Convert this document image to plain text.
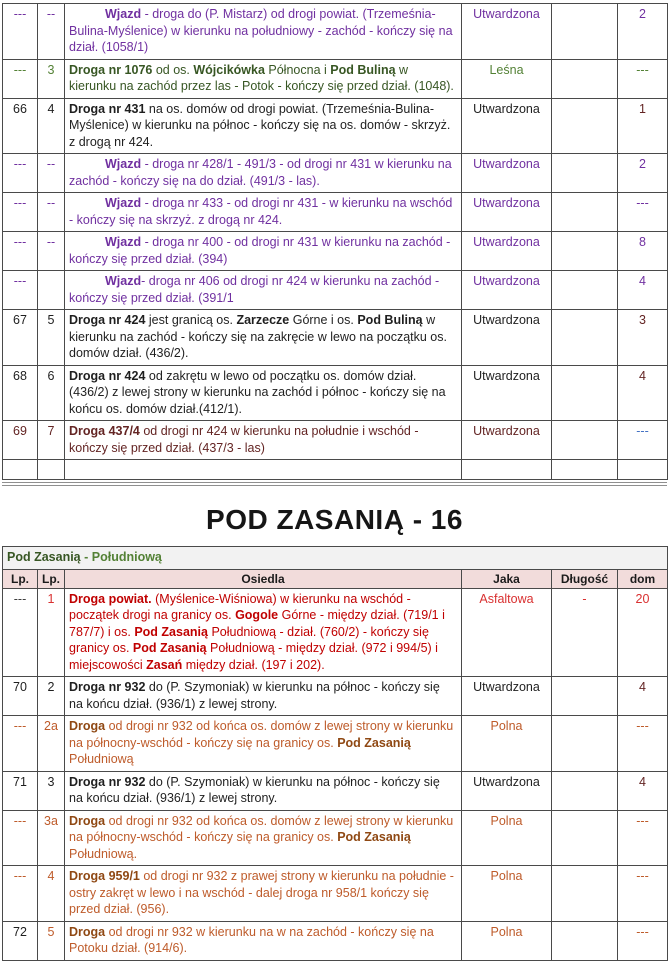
---	--	Wjazd - droga do (P. Mistarz) od drogi powiat. (Trzemeśnia-Bulina-Myślenice) w kierunku na południowy - zachód - kończy się na dział. (1058/1)	Utwardzona		2
---	3	Droga nr 1076 od os. Wójcikówka Północna i Pod Buliną w kierunku na zachód przez las - Potok - kończy się przed dział. (1048).	Leśna		---
66	4	Droga nr 431 na os. domów od drogi powiat. (Trzemeśnia-Bulina-Myślenice) w kierunku na północ - kończy się na os. domów - skrzyż. z drogą nr 424.	Utwardzona		1
---	--	Wjazd - droga nr 428/1 - 491/3 - od drogi nr 431 w kierunku na zachód - kończy się na do dział. (491/3 - las).	Utwardzona		2
---	--	Wjazd - droga nr 433 - od drogi nr 431 - w kierunku na wschód - kończy się na skrzyż. z drogą nr 424.	Utwardzona		---
---	--	Wjazd - droga nr 400 - od drogi nr 431 w kierunku na zachód - kończy się przed dział. (394)	Utwardzona		8
---		Wjazd- droga nr 406 od drogi nr 424 w kierunku na zachód - kończy się przed dział. (391/1	Utwardzona		4
67	5	Droga nr 424 jest granicą os. Zarzecze Górne i os. Pod Buliną w kierunku na zachód - kończy się na zakręcie w lewo na początku os. domów dział. (436/2).	Utwardzona		3
68	6	Droga nr 424 od zakrętu w lewo od początku os. domów dział. (436/2) z lewej strony w kierunku na zachód i północ - kończy się na końcu os. domów dział.(412/1).	Utwardzona		4
69	7	Droga 437/4 od drogi nr 424 w kierunku na południe i wschód - kończy się przed dział. (437/3 - las)	Utwardzona		---

POD ZASANIĄ - 16
Pod Zasanią - Południową					
Lp.	Lp.	Osiedla	Jaka	Długość	dom
---	1	Droga powiat. (Myślenice-Wiśniowa) w kierunku na wschód - początek drogi na granicy os. Gogole Górne - między dział. (719/1 i 787/7) i os. Pod Zasanią Południową - dział. (760/2) - kończy się granicy os. Pod Zasanią Południową - między dział. (972 i 994/5) i miejscowości Zasań między dział. (197 i 202).	Asfaltowa	-	20
70	2	Droga nr 932 do (P. Szymoniak) w kierunku na północ - kończy się na końcu dział. (936/1) z lewej strony.	Utwardzona		4
---	2a	Droga od drogi nr 932 od końca os. domów z lewej strony w kierunku na północny-wschód - kończy się na granicy os. Pod Zasanią Południową	Polna		---
71	3	Droga nr 932 do (P. Szymoniak) w kierunku na północ - kończy się na końcu dział. (936/1) z lewej strony.	Utwardzona		4
---	3a	Droga od drogi nr 932 od końca os. domów z lewej strony w kierunku na północny-wschód - kończy się na granicy os. Pod Zasanią Południową.	Polna		---
---	4	Droga 959/1 od drogi nr 932 z prawej strony w kierunku na południe - ostry zakręt w lewo i na wschód - dalej droga nr 958/1 kończy się przed dział. (956).	Polna		---
72	5	Droga od drogi nr 932 w kierunku na w na zachód - kończy się na Potoku dział. (914/6).	Polna		---
